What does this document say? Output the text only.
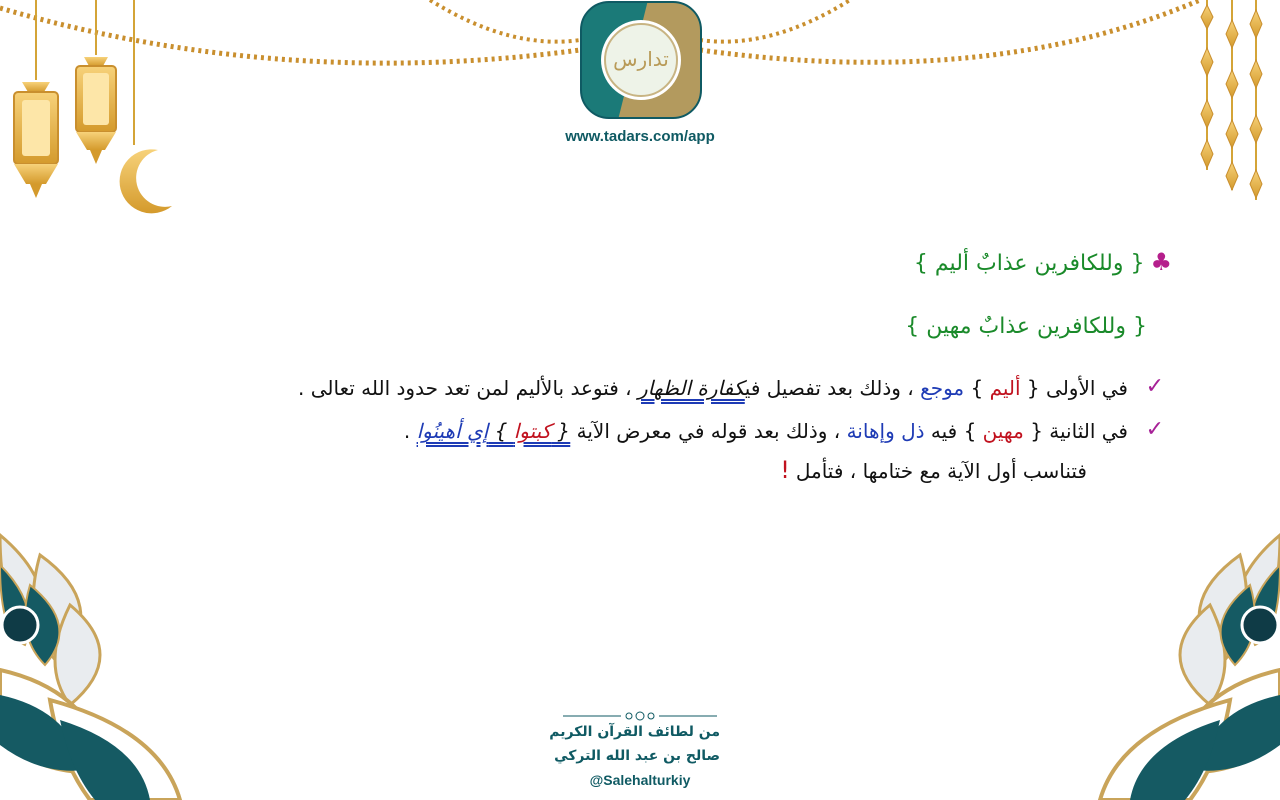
تدارس
www.tadars.com/app
♣{ وللكافرين عذابٌ أليم }
{ وللكافرين عذابٌ مهين }
✓
في الأولى { أليم } موجع ، وذلك بعد تفصيل فيكفارة الظهار ، فتوعد بالأليم لمن تعد حدود الله تعالى .
✓
في الثانية { مهين } فيه ذل وإهانة ، وذلك بعد قوله في معرض الآية { كبتوا } إي أهينُوا .
فتناسب أول الآية مع ختامها ، فتأمل!
من لطائف القرآن الكريم
صالح بن عبد الله التركي
@Salehalturkiy
